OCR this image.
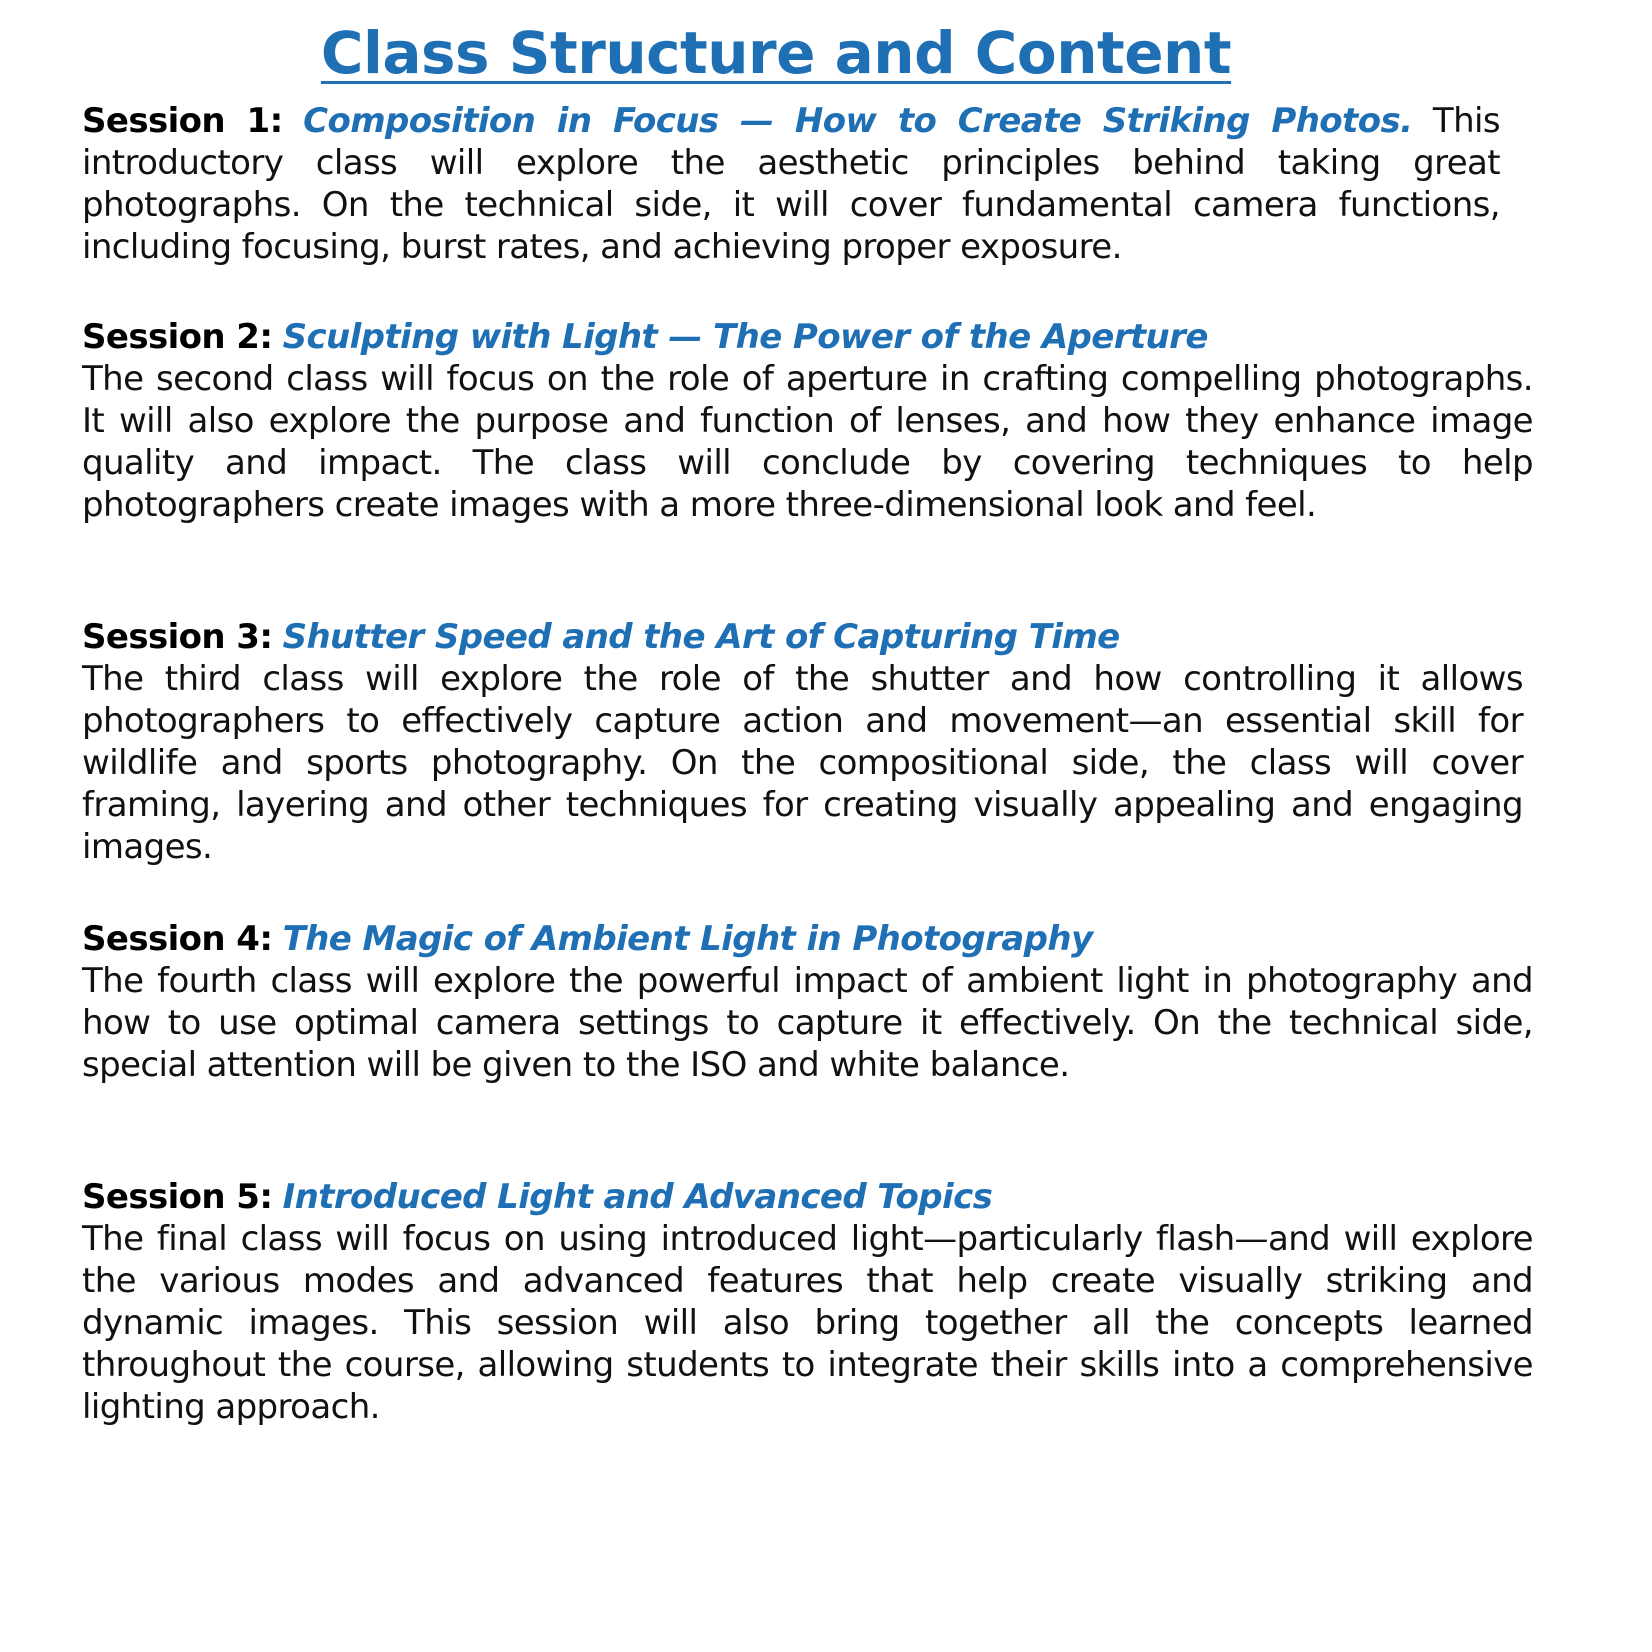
Class Structure and Content
Session 1: Composition in Focus — How to Create Striking Photos. This introductory class will explore the aesthetic principles behind taking great photographs. On the technical side, it will cover fundamental camera functions, including focusing, burst rates, and achieving proper exposure.
Session 2: Sculpting with Light — The Power of the Aperture
The second class will focus on the role of aperture in crafting compelling photographs. It will also explore the purpose and function of lenses, and how they enhance image quality and impact. The class will conclude by covering techniques to help photographers create images with a more three-dimensional look and feel.
Session 3: Shutter Speed and the Art of Capturing Time
The third class will explore the role of the shutter and how controlling it allows photographers to effectively capture action and movement—an essential skill for wildlife and sports photography. On the compositional side, the class will cover framing, layering and other techniques for creating visually appealing and engaging images.
Session 4: The Magic of Ambient Light in Photography
The fourth class will explore the powerful impact of ambient light in photography and how to use optimal camera settings to capture it effectively. On the technical side, special attention will be given to the ISO and white balance.
Session 5: Introduced Light and Advanced Topics
The final class will focus on using introduced light—particularly flash—and will explore the various modes and advanced features that help create visually striking and dynamic images. This session will also bring together all the concepts learned throughout the course, allowing students to integrate their skills into a comprehensive lighting approach.
